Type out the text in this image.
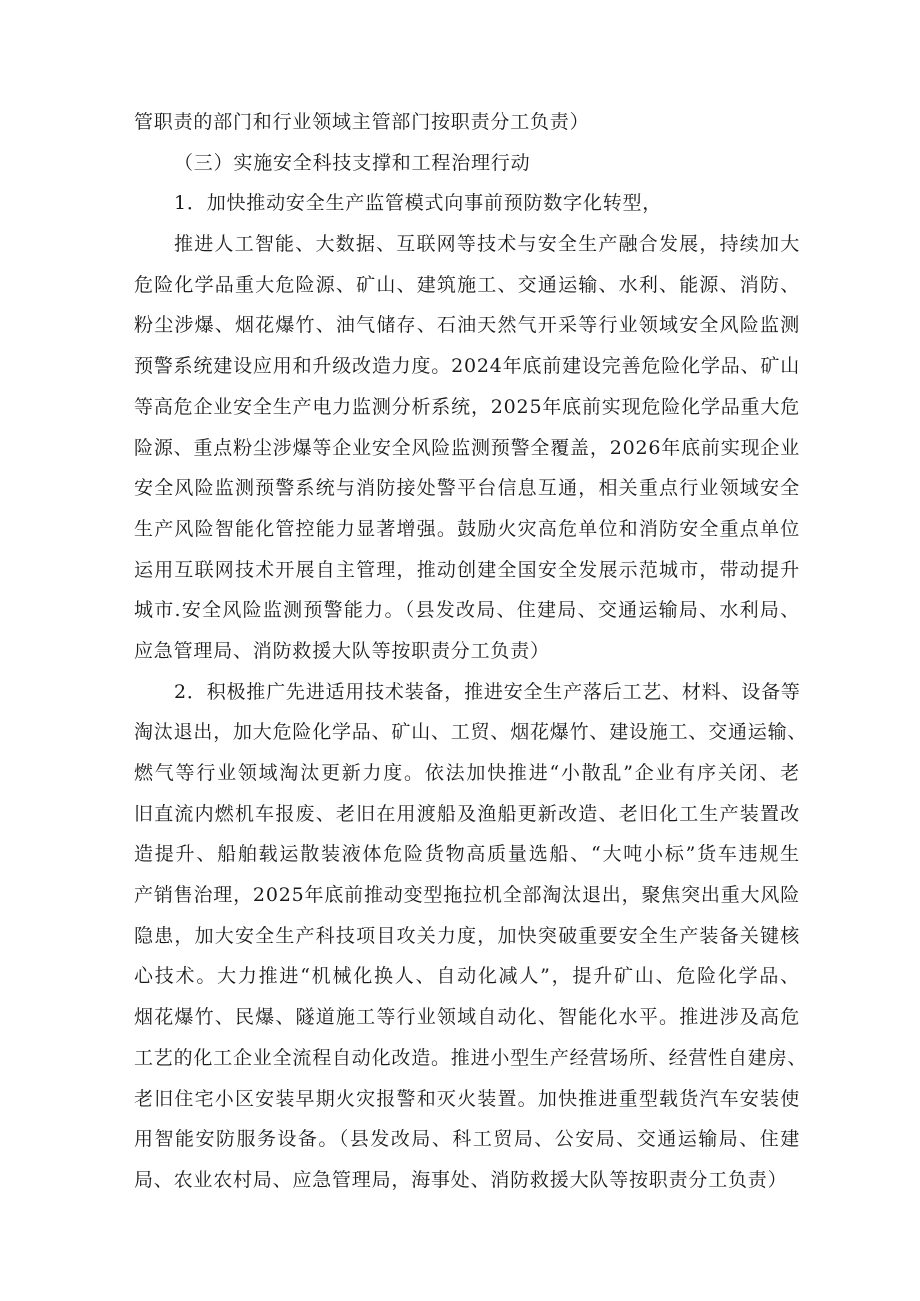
管职责的部门和行业领域主管部门按职责分工负责）
（三）实施安全科技支撑和工程治理行动
1．加快推动安全生产监管模式向事前预防数字化转型，
推进人工智能、大数据、互联网等技术与安全生产融合发展，持续加大
危险化学品重大危险源、矿山、建筑施工、交通运输、水利、能源、消防、
粉尘涉爆、烟花爆竹、油气储存、石油天然气开采等行业领域安全风险监测
预警系统建设应用和升级改造力度。2024年底前建设完善危险化学品、矿山
等高危企业安全生产电力监测分析系统，2025年底前实现危险化学品重大危
险源、重点粉尘涉爆等企业安全风险监测预警全覆盖，2026年底前实现企业
安全风险监测预警系统与消防接处警平台信息互通，相关重点行业领域安全
生产风险智能化管控能力显著增强。鼓励火灾高危单位和消防安全重点单位
运用互联网技术开展自主管理，推动创建全国安全发展示范城市，带动提升
城市.安全风险监测预警能力。（县发改局、住建局、交通运输局、水利局、
应急管理局、消防救援大队等按职责分工负责）
2．积极推广先进适用技术装备，推进安全生产落后工艺、材料、设备等
淘汰退出，加大危险化学品、矿山、工贸、烟花爆竹、建设施工、交通运输、
燃气等行业领域淘汰更新力度。依法加快推进“小散乱”企业有序关闭、老
旧直流内燃机车报废、老旧在用渡船及渔船更新改造、老旧化工生产装置改
造提升、船舶载运散装液体危险货物高质量选船、“大吨小标”货车违规生
产销售治理，2025年底前推动变型拖拉机全部淘汰退出，聚焦突出重大风险
隐患，加大安全生产科技项目攻关力度，加快突破重要安全生产装备关键核
心技术。大力推进“机械化换人、自动化减人”，提升矿山、危险化学品、
烟花爆竹、民爆、隧道施工等行业领域自动化、智能化水平。推进涉及高危
工艺的化工企业全流程自动化改造。推进小型生产经营场所、经营性自建房、
老旧住宅小区安装早期火灾报警和灭火装置。加快推进重型载货汽车安装使
用智能安防服务设备。（县发改局、科工贸局、公安局、交通运输局、住建
局、农业农村局、应急管理局，海事处、消防救援大队等按职责分工负责）
